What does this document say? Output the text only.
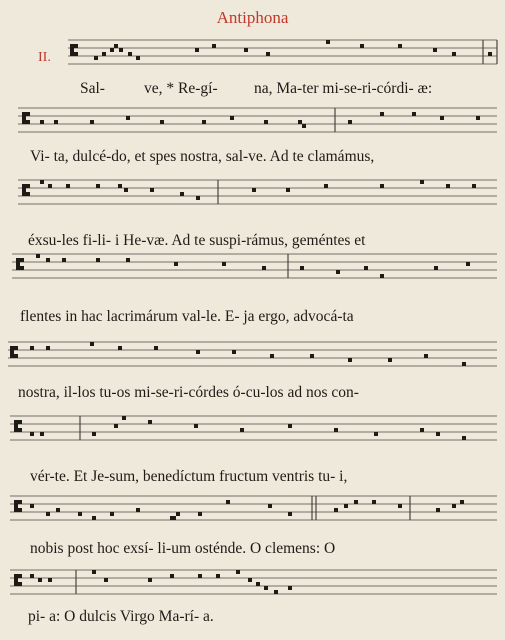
Antiphona
II.
Sal-	ve, * Re-gí- na, Ma-ter mi-se-ri-córdi- æ:
Vi- ta, dulcé-do, et spes nostra, sal-ve. Ad te clamámus,
éxsu-les fi-li- i He-væ. Ad te suspi-rámus, geméntes et
flentes in hac lacrimárum val-le. E- ja ergo, advocá-ta
nostra, il-los tu-os mi-se-ri-córdes ó-cu-los ad nos con-
vér-te. Et Je-sum, benedíctum fructum ventris tu- i,
nobis post hoc exsí- li-um osténde. O clemens: O
pi- a: O dulcis Virgo Ma-rí- a.
